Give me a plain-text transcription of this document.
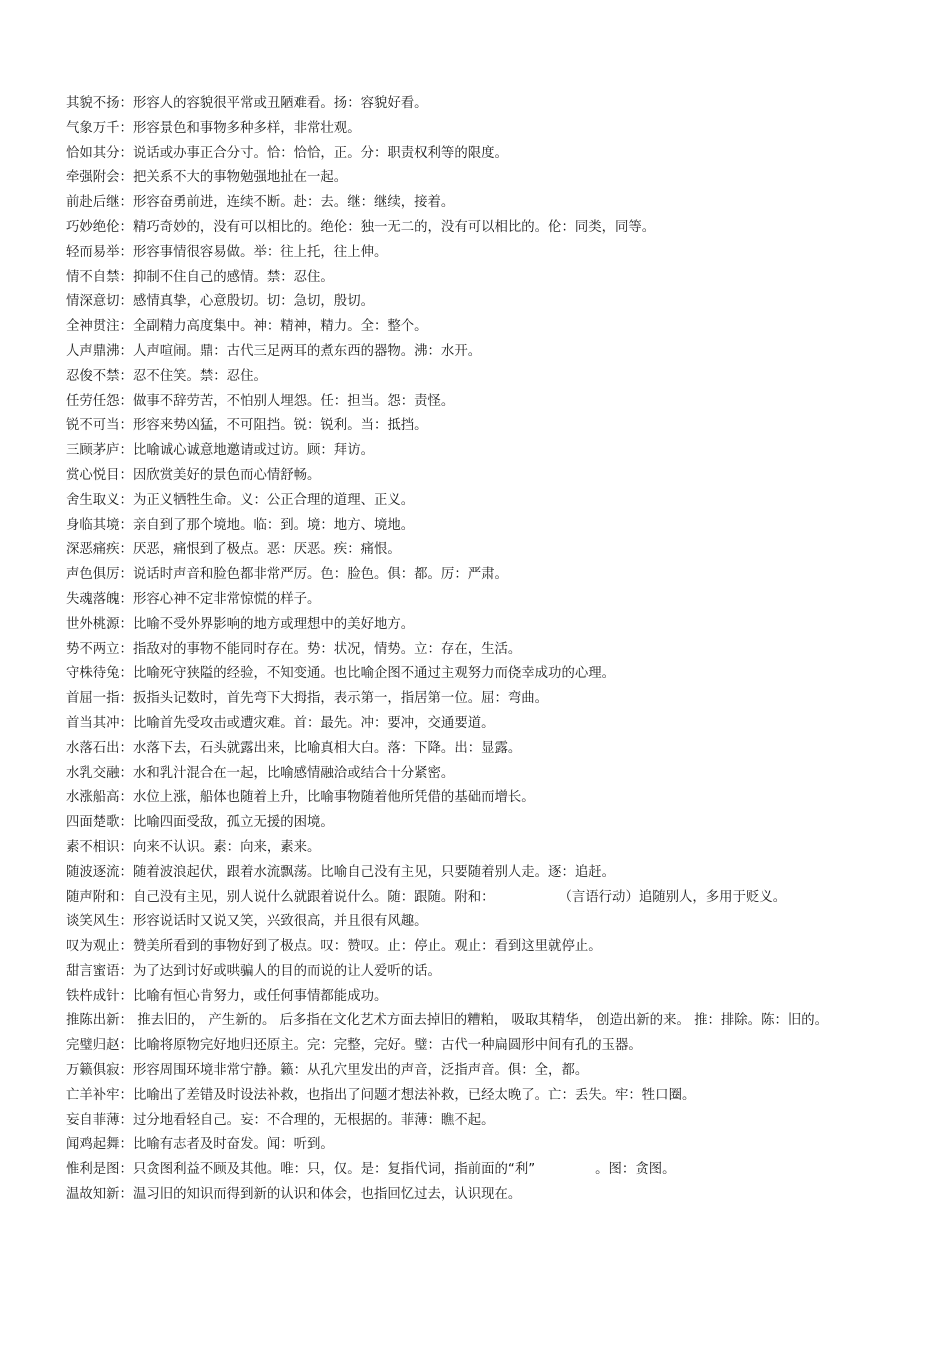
其貌不扬：形容人的容貌很平常或丑陋难看。扬：容貌好看。
气象万千：形容景色和事物多种多样，非常壮观。
恰如其分：说话或办事正合分寸。恰：恰恰，正。分：职责权利等的限度。
牵强附会：把关系不大的事物勉强地扯在一起。
前赴后继：形容奋勇前进，连续不断。赴：去。继：继续，接着。
巧妙绝伦：精巧奇妙的，没有可以相比的。绝伦：独一无二的，没有可以相比的。伦：同类，同等。
轻而易举：形容事情很容易做。举：往上托，往上伸。
情不自禁：抑制不住自己的感情。禁：忍住。
情深意切：感情真挚，心意殷切。切：急切，殷切。
全神贯注：全副精力高度集中。神：精神，精力。全：整个。
人声鼎沸：人声喧闹。鼎：古代三足两耳的煮东西的器物。沸：水开。
忍俊不禁：忍不住笑。禁：忍住。
任劳任怨：做事不辞劳苦，不怕别人埋怨。任：担当。怨：责怪。
锐不可当：形容来势凶猛，不可阻挡。锐：锐利。当：抵挡。
三顾茅庐：比喻诚心诚意地邀请或过访。顾：拜访。
赏心悦目：因欣赏美好的景色而心情舒畅。
舍生取义：为正义牺牲生命。义：公正合理的道理、正义。
身临其境：亲自到了那个境地。临：到。境：地方、境地。
深恶痛疾：厌恶，痛恨到了极点。恶：厌恶。疾：痛恨。
声色俱厉：说话时声音和脸色都非常严厉。色：脸色。俱：都。厉：严肃。
失魂落魄：形容心神不定非常惊慌的样子。
世外桃源：比喻不受外界影响的地方或理想中的美好地方。
势不两立：指敌对的事物不能同时存在。势：状况，情势。立：存在，生活。
守株待兔：比喻死守狭隘的经验，不知变通。也比喻企图不通过主观努力而侥幸成功的心理。
首屈一指：扳指头记数时，首先弯下大拇指，表示第一，指居第一位。屈：弯曲。
首当其冲：比喻首先受攻击或遭灾难。首：最先。冲：要冲，交通要道。
水落石出：水落下去，石头就露出来，比喻真相大白。落：下降。出：显露。
水乳交融：水和乳汁混合在一起，比喻感情融洽或结合十分紧密。
水涨船高：水位上涨，船体也随着上升，比喻事物随着他所凭借的基础而增长。
四面楚歌：比喻四面受敌，孤立无援的困境。
素不相识：向来不认识。素：向来，素来。
随波逐流：随着波浪起伏，跟着水流飘荡。比喻自己没有主见，只要随着别人走。逐：追赶。
随声附和：自己没有主见，别人说什么就跟着说什么。随：跟随。附和：	（言语行动）追随别人，多用于贬义。
谈笑风生：形容说话时又说又笑，兴致很高，并且很有风趣。
叹为观止：赞美所看到的事物好到了极点。叹：赞叹。止：停止。观止：看到这里就停止。
甜言蜜语：为了达到讨好或哄骗人的目的而说的让人爱听的话。
铁杵成针：比喻有恒心肯努力，或任何事情都能成功。
推陈出新： 推去旧的， 产生新的。 后多指在文化艺术方面去掉旧的糟粕， 吸取其精华， 创造出新的来。 推：排除。陈：旧的。
完璧归赵：比喻将原物完好地归还原主。完：完整，完好。璧：古代一种扁圆形中间有孔的玉器。
万籁俱寂：形容周围环境非常宁静。籁：从孔穴里发出的声音，泛指声音。俱：全，都。
亡羊补牢：比喻出了差错及时设法补救，也指出了问题才想法补救，已经太晚了。亡：丢失。牢：牲口圈。
妄自菲薄：过分地看轻自己。妄：不合理的，无根据的。菲薄：瞧不起。
闻鸡起舞：比喻有志者及时奋发。闻：听到。
惟利是图：只贪图利益不顾及其他。唯：只，仅。是：复指代词，指前面的“利”	。图：贪图。
温故知新：温习旧的知识而得到新的认识和体会，也指回忆过去，认识现在。
